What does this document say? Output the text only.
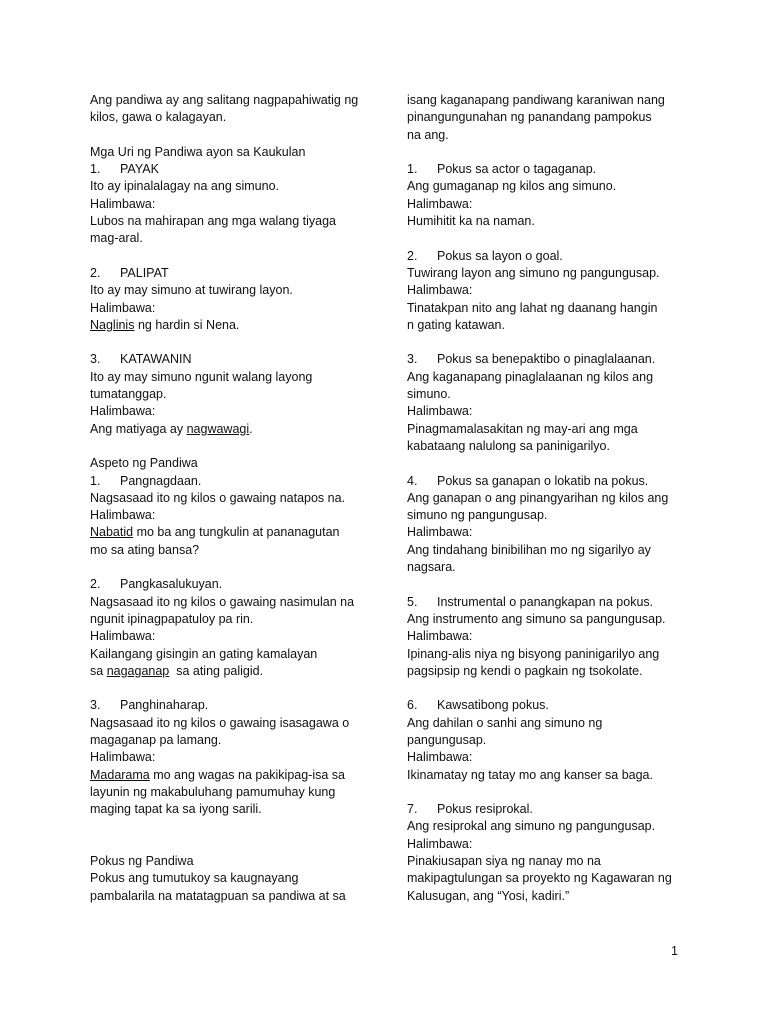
Ang pandiwa ay ang salitang nagpapahiwatig ng
kilos, gawa o kalagayan.
Mga Uri ng Pandiwa ayon sa Kaukulan
1. PAYAK
Ito ay ipinalalagay na ang simuno.
Halimbawa:
Lubos na mahirapan ang mga walang tiyaga
mag-aral.
2. PALIPAT
Ito ay may simuno at tuwirang layon.
Halimbawa:
Naglinis ng hardin si Nena.
3. KATAWANIN
Ito ay may simuno ngunit walang layong
tumatanggap.
Halimbawa:
Ang matiyaga ay nagwawagi.
Aspeto ng Pandiwa
1. Pangnagdaan.
Nagsasaad ito ng kilos o gawaing natapos na.
Halimbawa:
Nabatid mo ba ang tungkulin at pananagutan
mo sa ating bansa?
2. Pangkasalukuyan.
Nagsasaad ito ng kilos o gawaing nasimulan na
ngunit ipinagpapatuloy pa rin.
Halimbawa:
Kailangang gisingin an gating kamalayan
sa nagaganap  sa ating paligid.
3. Panghinaharap.
Nagsasaad ito ng kilos o gawaing isasagawa o
magaganap pa lamang.
Halimbawa:
Madarama mo ang wagas na pakikipag-isa sa
layunin ng makabuluhang pamumuhay kung
maging tapat ka sa iyong sarili.
Pokus ng Pandiwa
Pokus ang tumutukoy sa kaugnayang
pambalarila na matatagpuan sa pandiwa at sa
isang kaganapang pandiwang karaniwan nang
pinangungunahan ng panandang pampokus
na ang.
1. Pokus sa actor o tagaganap.
Ang gumaganap ng kilos ang simuno.
Halimbawa:
Humihitit ka na naman.
2. Pokus sa layon o goal.
Tuwirang layon ang simuno ng pangungusap.
Halimbawa:
Tinatakpan nito ang lahat ng daanang hangin
n gating katawan.
3. Pokus sa benepaktibo o pinaglalaanan.
Ang kaganapang pinaglalaanan ng kilos ang
simuno.
Halimbawa:
Pinagmamalasakitan ng may-ari ang mga
kabataang nalulong sa paninigarilyo.
4. Pokus sa ganapan o lokatib na pokus.
Ang ganapan o ang pinangyarihan ng kilos ang
simuno ng pangungusap.
Halimbawa:
Ang tindahang binibilihan mo ng sigarilyo ay
nagsara.
5. Instrumental o panangkapan na pokus.
Ang instrumento ang simuno sa pangungusap.
Halimbawa:
Ipinang-alis niya ng bisyong paninigarilyo ang
pagsipsip ng kendi o pagkain ng tsokolate.
6. Kawsatibong pokus.
Ang dahilan o sanhi ang simuno ng
pangungusap.
Halimbawa:
Ikinamatay ng tatay mo ang kanser sa baga.
7. Pokus resiprokal.
Ang resiprokal ang simuno ng pangungusap.
Halimbawa:
Pinakiusapan siya ng nanay mo na
makipagtulungan sa proyekto ng Kagawaran ng
Kalusugan, ang “Yosi, kadiri.”
1
